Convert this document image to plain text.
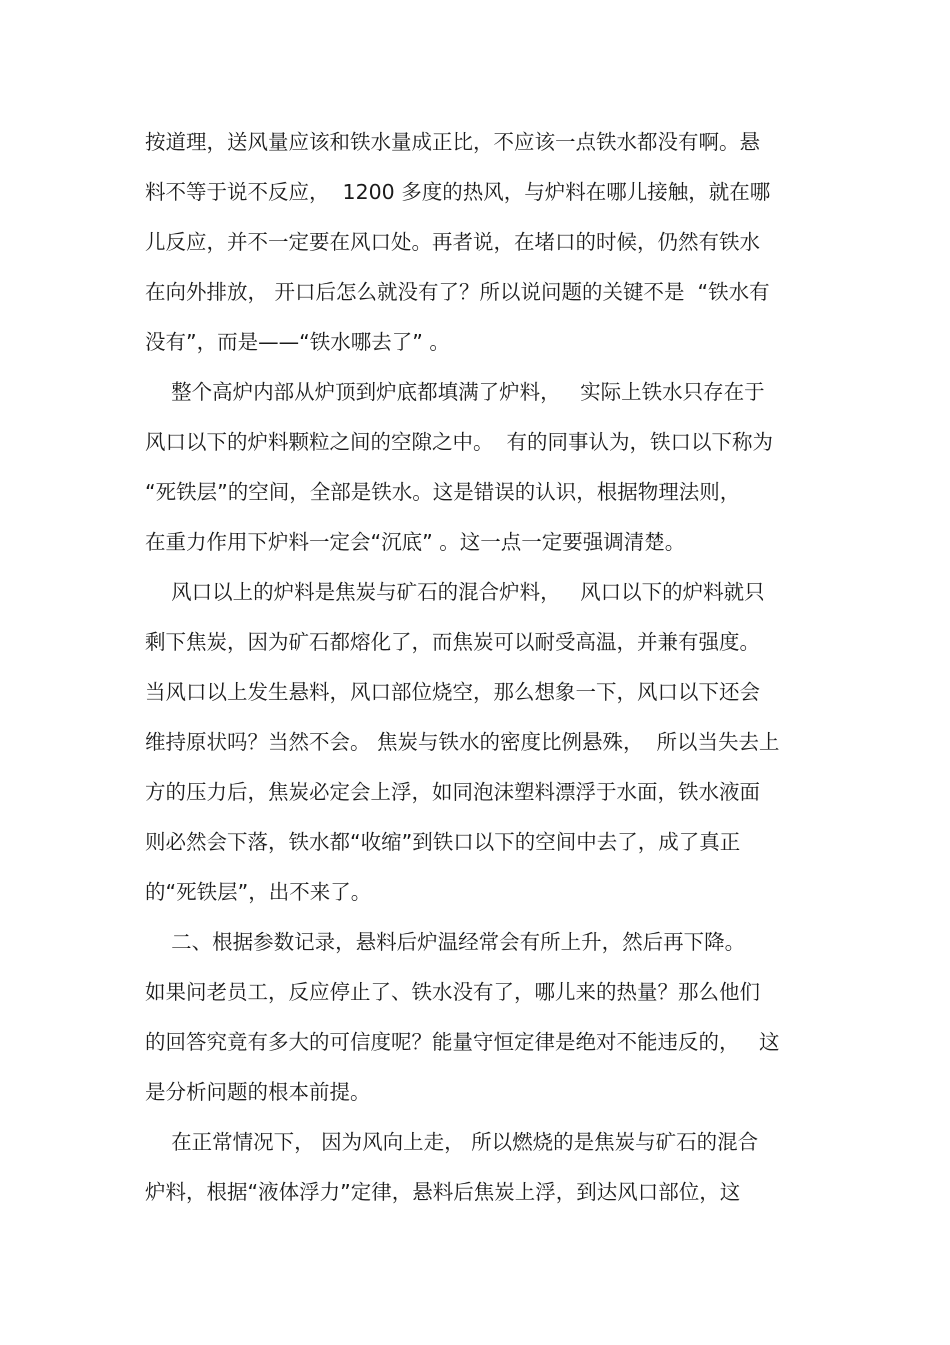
按道理，送风量应该和铁水量成正比，不应该一点铁水都没有啊。悬

料不等于说不反应，  1200 多度的热风，与炉料在哪儿接触，就在哪

儿反应，并不一定要在风口处。再者说，在堵口的时候，仍然有铁水

在向外排放， 开口后怎么就没有了？所以说问题的关键不是  “铁水有

没有”，而是——“铁水哪去了” 。

整个高炉内部从炉顶到炉底都填满了炉料，   实际上铁水只存在于

风口以下的炉料颗粒之间的空隙之中。  有的同事认为，铁口以下称为

“死铁层”的空间，全部是铁水。这是错误的认识，根据物理法则，

在重力作用下炉料一定会“沉底” 。这一点一定要强调清楚。

风口以上的炉料是焦炭与矿石的混合炉料，   风口以下的炉料就只

剩下焦炭，因为矿石都熔化了，而焦炭可以耐受高温，并兼有强度。

当风口以上发生悬料，风口部位烧空，那么想象一下，风口以下还会

维持原状吗？当然不会。 焦炭与铁水的密度比例悬殊，  所以当失去上

方的压力后，焦炭必定会上浮，如同泡沫塑料漂浮于水面，铁水液面

则必然会下落，铁水都“收缩”到铁口以下的空间中去了，成了真正

的“死铁层”，出不来了。

二、根据参数记录，悬料后炉温经常会有所上升，然后再下降。

如果问老员工，反应停止了、铁水没有了，哪儿来的热量？那么他们

的回答究竟有多大的可信度呢？能量守恒定律是绝对不能违反的，   这

是分析问题的根本前提。

在正常情况下， 因为风向上走， 所以燃烧的是焦炭与矿石的混合

炉料，根据“液体浮力”定律，悬料后焦炭上浮，到达风口部位，这
